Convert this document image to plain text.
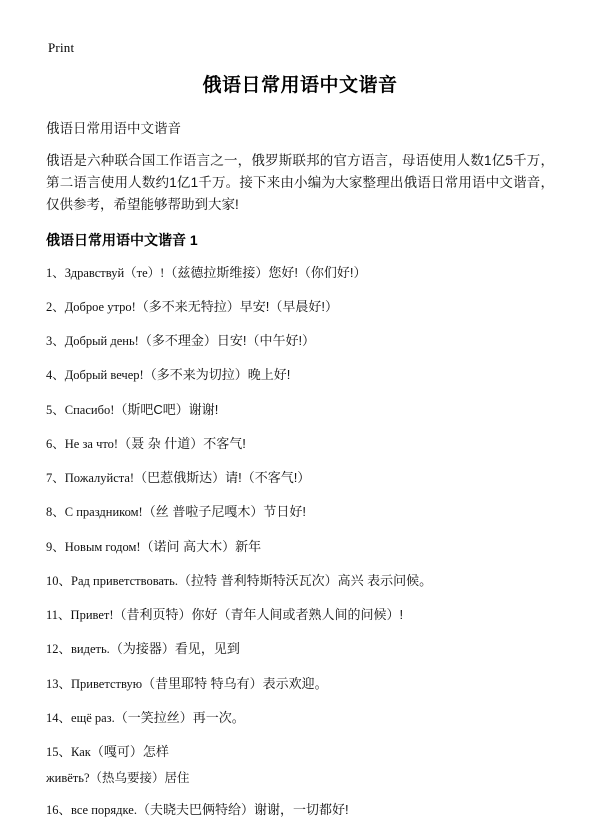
Print
俄语日常用语中文谐音
俄语日常用语中文谐音

俄语是六种联合国工作语言之一，俄罗斯联邦的官方语言，母语使用人数1亿5千万，第二语言使用人数约1亿1千万。接下来由小编为大家整理出俄语日常用语中文谐音，仅供参考，希望能够帮助到大家!

俄语日常用语中文谐音 1
1、Здравствуй（те）!（兹德拉斯维接）您好!（你们好!）
2、Доброе утро!（多不来无特拉）早安!（早晨好!）
3、Добрый день!（多不理金）日安!（中午好!）
4、Добрый вечер!（多不来为切拉）晚上好!
5、Спасибо!（斯吧C吧）谢谢!
6、Не за что!（聂 杂 什道）不客气!
7、Пожалуйста!（巴惹俄斯达）请!（不客气!）
8、С праздником!（丝 普啦子尼嘎木）节日好!
9、Новым годом!（诺问 高大木）新年
10、Рад приветствовать.（拉特 普利特斯特沃瓦次）高兴 表示问候。
11、Привет!（昔利页特）你好（青年人间或者熟人间的问候）!
12、видеть.（为接器）看见，见到
13、Приветствую（昔里耶特 特乌有）表示欢迎。
14、ещё раз.（一笑拉丝）再一次。
15、Как（嘎可）怎样
живёть?（热乌要接）居住
16、все порядке.（夫晓夫巴俩特给）谢谢，一切都好!
